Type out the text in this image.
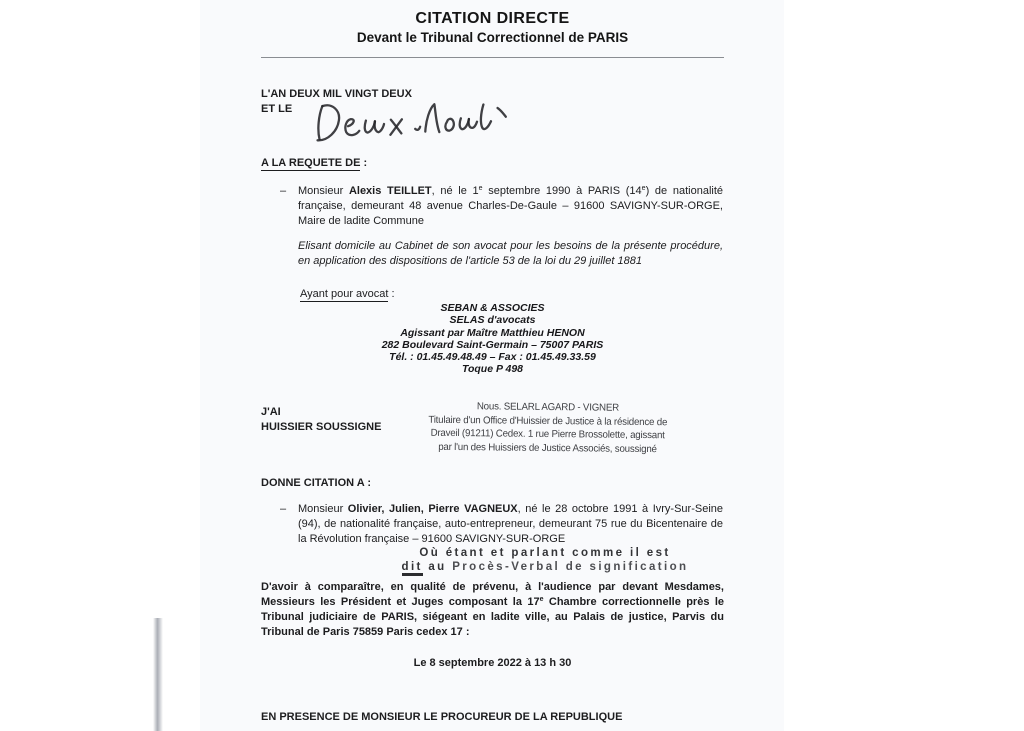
CITATION DIRECTE
Devant le Tribunal Correctionnel de PARIS
L'AN DEUX MIL VINGT DEUX
ET LE
A LA REQUETE DE :
–	Monsieur Alexis TEILLET, né le 1e septembre 1990 à PARIS (14e) de nationalité française, demeurant 48 avenue Charles-De-Gaule – 91600 SAVIGNY-SUR-ORGE, Maire de ladite Commune

Elisant domicile au Cabinet de son avocat pour les besoins de la présente procédure, en application des dispositions de l'article 53 de la loi du 29 juillet 1881
Ayant pour avocat :
SEBAN & ASSOCIES
SELAS d'avocats
Agissant par Maître Matthieu HENON
282 Boulevard Saint-Germain – 75007 PARIS
Tél. : 01.45.49.48.49 – Fax : 01.45.49.33.59
Toque P 498
J'AI
HUISSIER SOUSSIGNE
Nous. SELARL AGARD - VIGNER
Titulaire d'un Office d'Huissier de Justice à la résidence de
Draveil (91211) Cedex. 1 rue Pierre Brossolette, agissant
par l'un des Huissiers de Justice Associés, soussigné
DONNE CITATION A :
–	Monsieur Olivier, Julien, Pierre VAGNEUX, né le 28 octobre 1991 à Ivry-Sur-Seine (94), de nationalité française, auto-entrepreneur, demeurant 75 rue du Bicentenaire de la Révolution française – 91600 SAVIGNY-SUR-ORGE

Où étant et parlant comme il est
dit au Procès-Verbal de signification

D'avoir à comparaître, en qualité de prévenu, à l'audience par devant Mesdames, Messieurs les Président et Juges composant la 17e Chambre correctionnelle près le Tribunal judiciaire de PARIS, siégeant en ladite ville, au Palais de justice, Parvis du Tribunal de Paris 75859 Paris cedex 17 :

Le 8 septembre 2022 à 13 h 30
EN PRESENCE DE MONSIEUR LE PROCUREUR DE LA REPUBLIQUE
